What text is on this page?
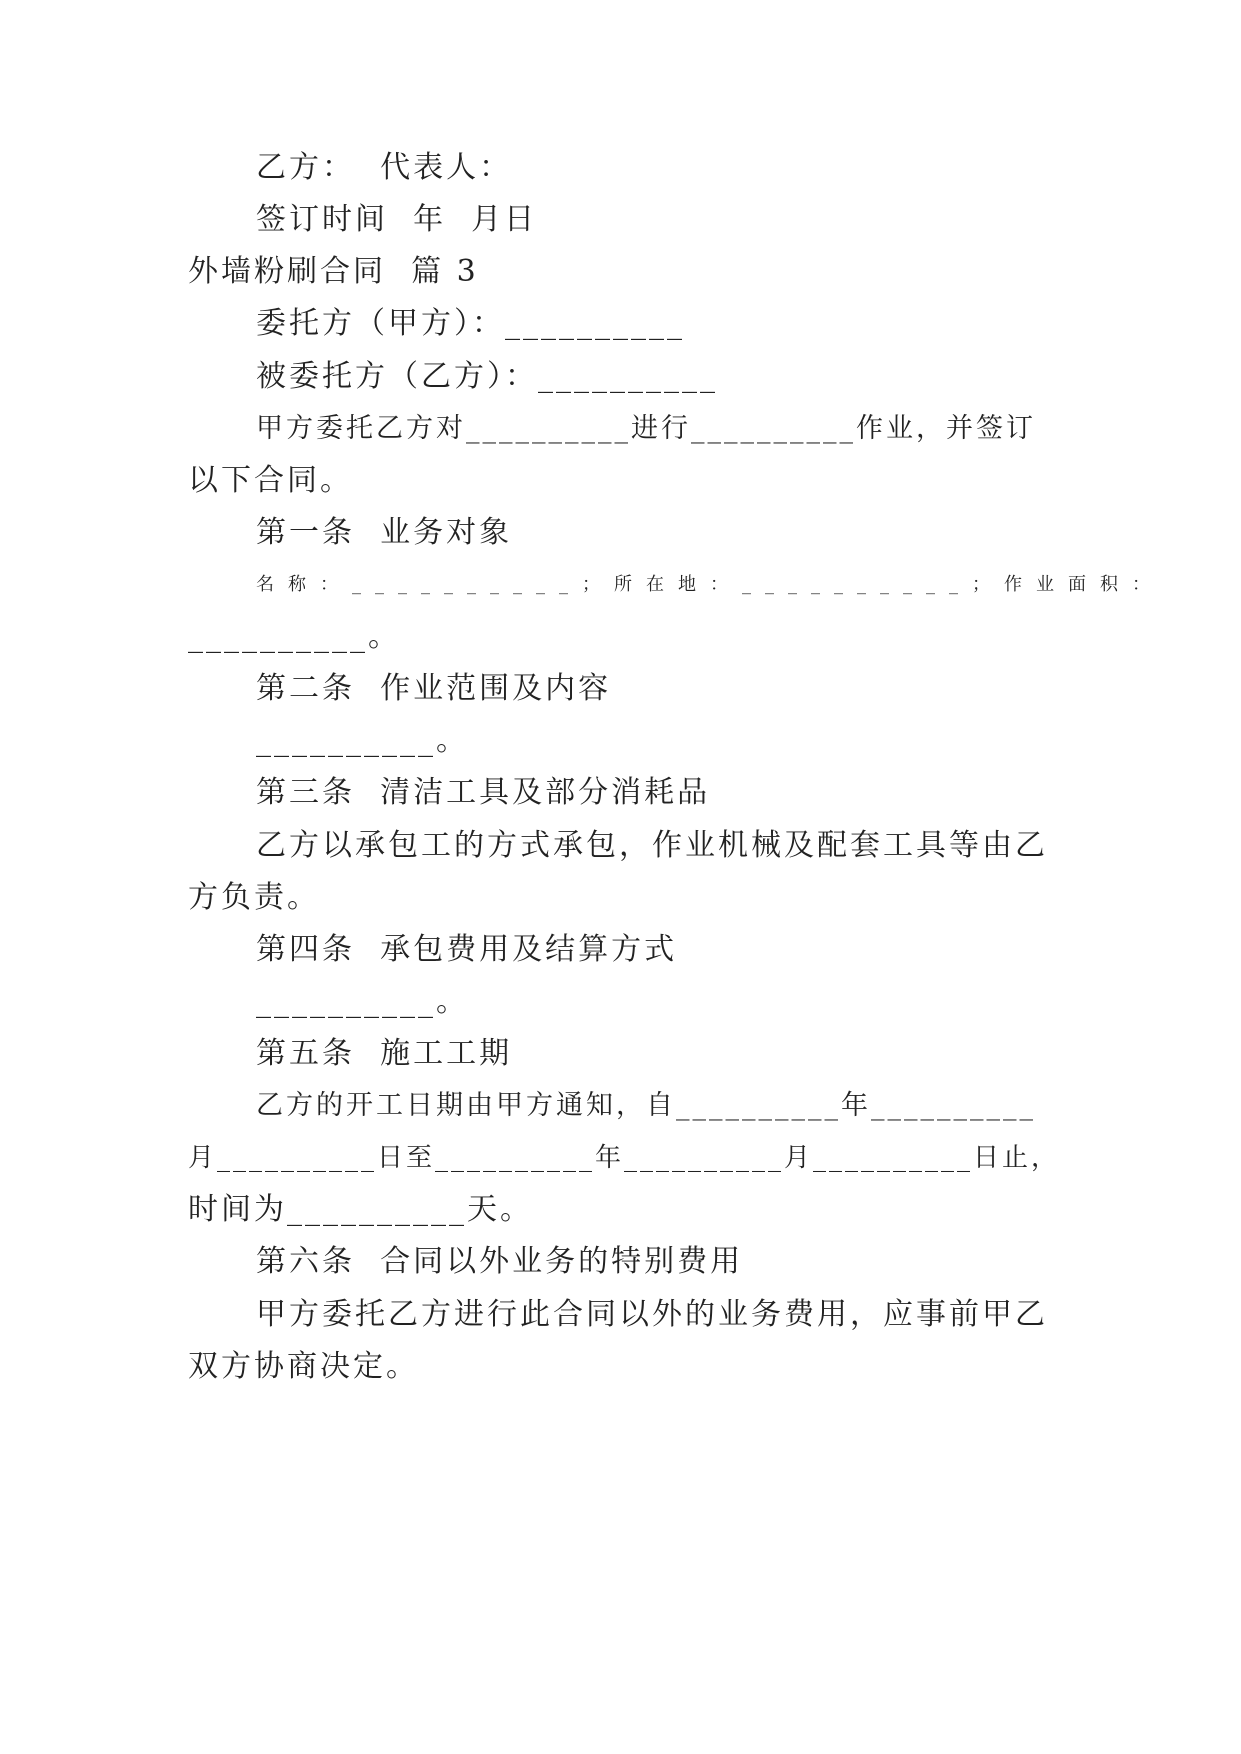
乙方：  代表人：
签订时间  年  月日
外墙粉刷合同  篇 3
委托方（甲方）：__________
被委托方（乙方）：__________
甲方委托乙方对__________进行__________作业，并签订
以下合同。
第一条  业务对象
名称：__________；所在地：__________；作业面积：
__________。
第二条  作业范围及内容
__________。
第三条  清洁工具及部分消耗品
乙方以承包工的方式承包，作业机械及配套工具等由乙
方负责。
第四条  承包费用及结算方式
__________。
第五条  施工工期
乙方的开工日期由甲方通知，自__________年__________
月__________日至__________年__________月__________日止，
时间为__________天。
第六条  合同以外业务的特别费用
甲方委托乙方进行此合同以外的业务费用，应事前甲乙
双方协商决定。
